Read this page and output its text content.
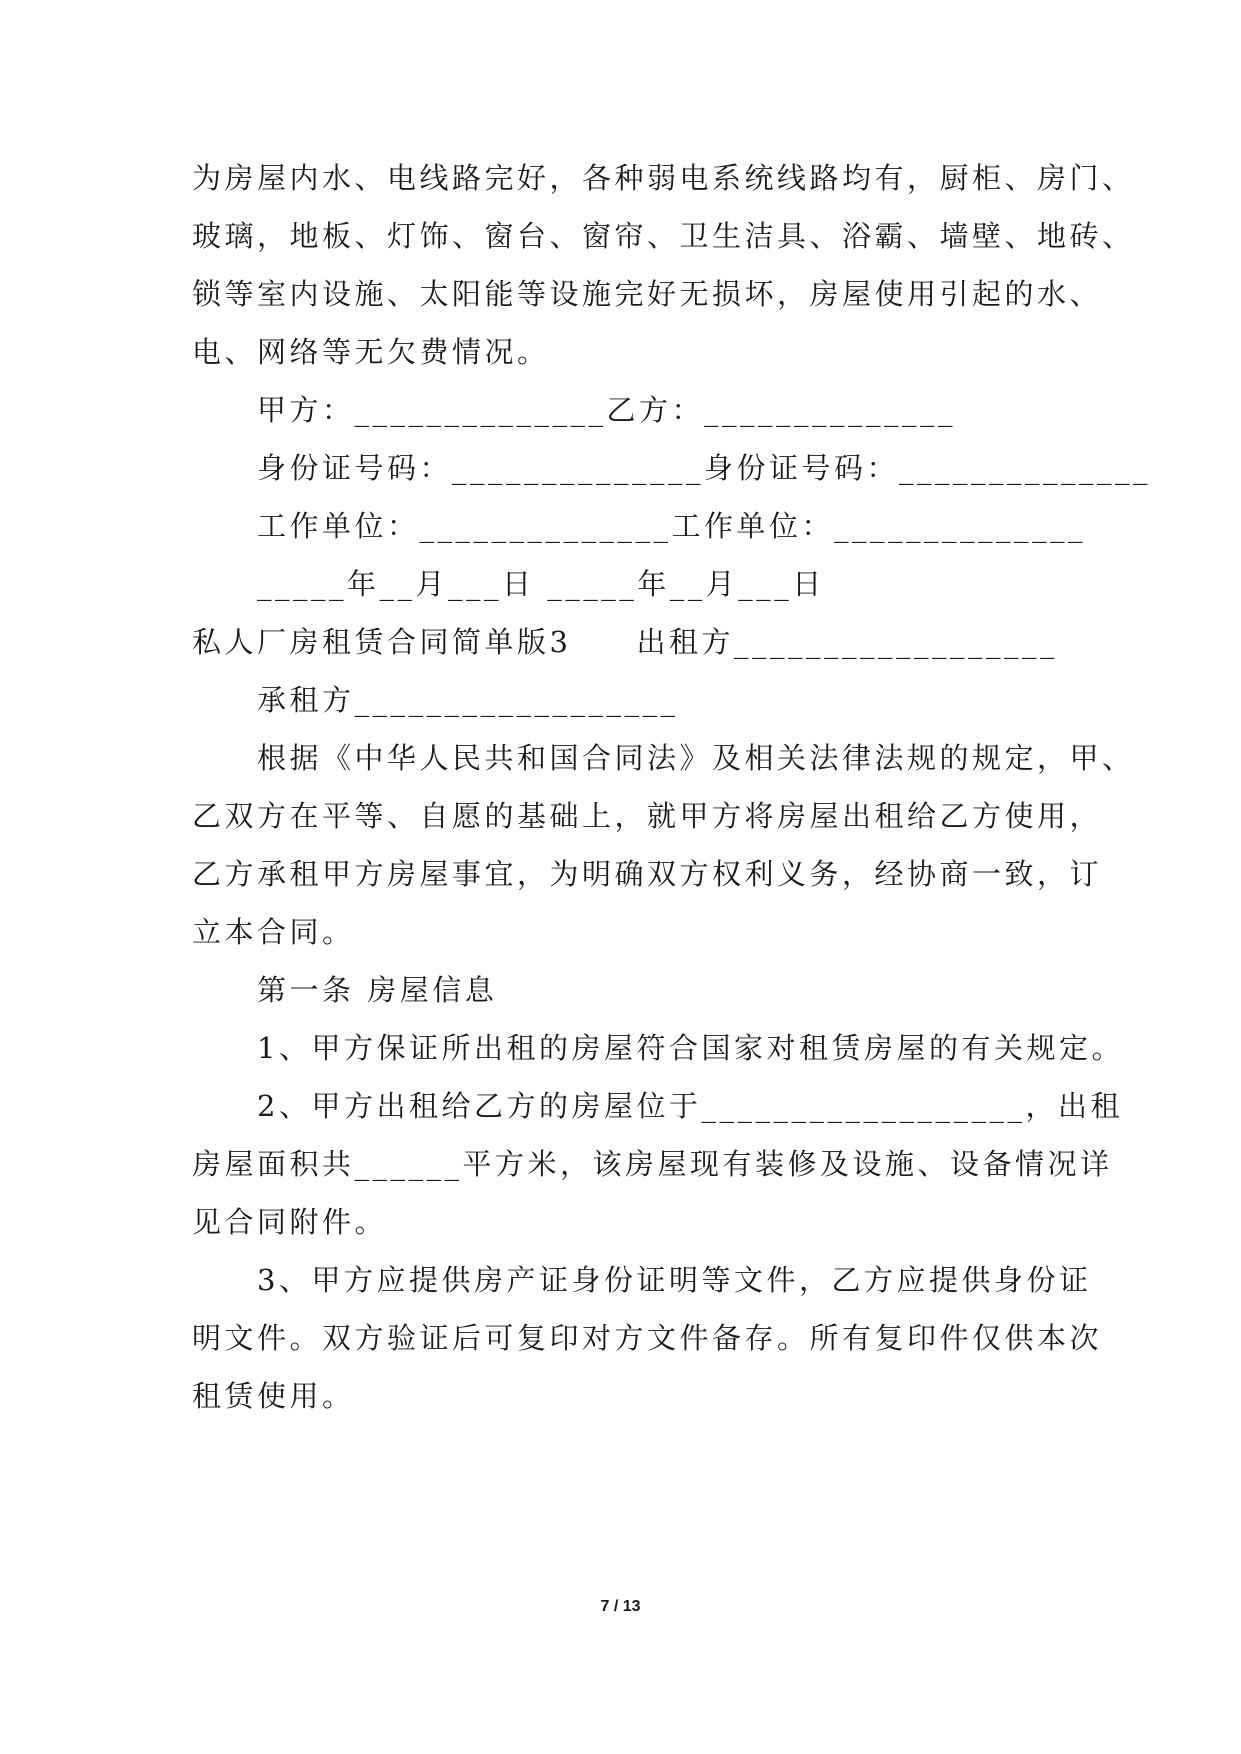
为房屋内水、电线路完好，各种弱电系统线路均有，厨柜、房门、
玻璃，地板、灯饰、窗台、窗帘、卫生洁具、浴霸、墙壁、地砖、
锁等室内设施、太阳能等设施完好无损坏，房屋使用引起的水、
电、网络等无欠费情况。
　　甲方：______________乙方：______________
　　身份证号码：______________身份证号码：______________
　　工作单位：______________工作单位：______________
　　_____年__月___日 _____年__月___日
私人厂房租赁合同简单版3　　出租方__________________
　　承租方__________________
　　根据《中华人民共和国合同法》及相关法律法规的规定，甲、
乙双方在平等、自愿的基础上，就甲方将房屋出租给乙方使用，
乙方承租甲方房屋事宜，为明确双方权利义务，经协商一致，订
立本合同。
　　第一条 房屋信息
　　1、甲方保证所出租的房屋符合国家对租赁房屋的有关规定。
　　2、甲方出租给乙方的房屋位于__________________，出租
房屋面积共______平方米，该房屋现有装修及设施、设备情况详
见合同附件。
　　3、甲方应提供房产证身份证明等文件，乙方应提供身份证
明文件。双方验证后可复印对方文件备存。所有复印件仅供本次
租赁使用。
7 / 13
